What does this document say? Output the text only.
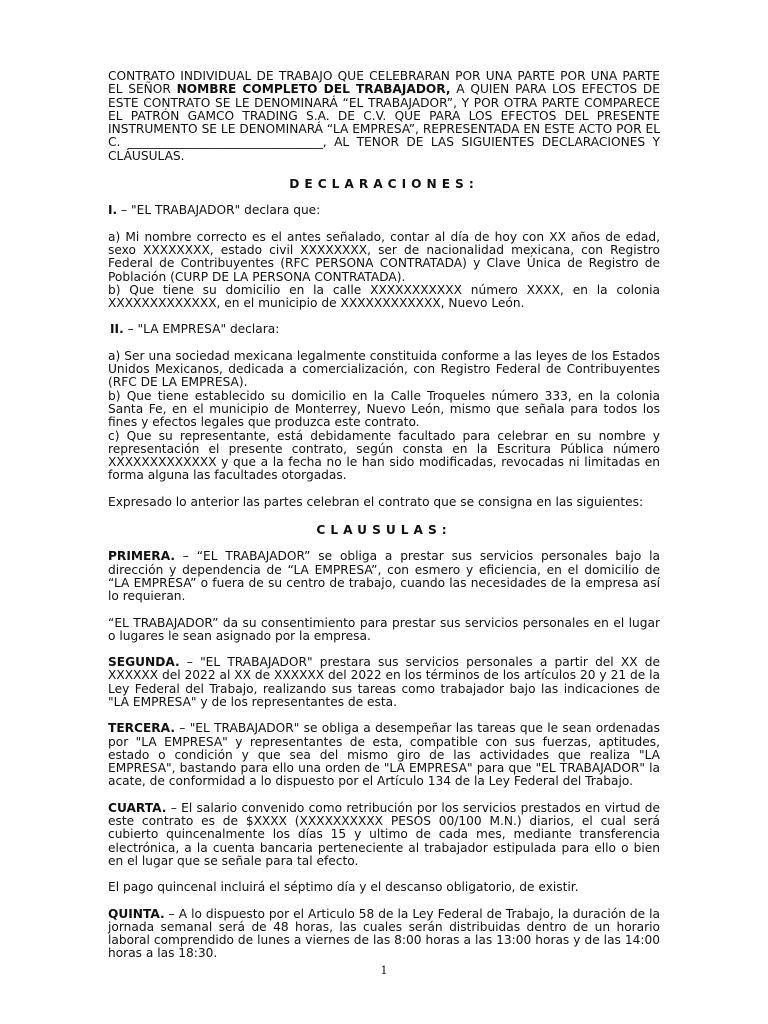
CONTRATO INDIVIDUAL DE TRABAJO QUE CELEBRARAN POR UNA PARTE POR UNA PARTE EL SEÑOR NOMBRE COMPLETO DEL TRABAJADOR, A QUIEN PARA LOS EFECTOS DE ESTE CONTRATO SE LE DENOMINARÁ “EL TRABAJADOR”, Y POR OTRA PARTE COMPARECE EL PATRÓN GAMCO TRADING S.A. DE C.V. QUE PARA LOS EFECTOS DEL PRESENTE INSTRUMENTO SE LE DENOMINARÁ “LA EMPRESA”, REPRESENTADA EN ESTE ACTO POR EL C. ________________________________, AL TENOR DE LAS SIGUIENTES DECLARACIONES Y CLÁUSULAS.

DECLARACIONES:

I. – "EL TRABAJADOR" declara que:

a) Mi nombre correcto es el antes señalado, contar al día de hoy con XX años de edad, sexo XXXXXXXX, estado civil XXXXXXXX, ser de nacionalidad mexicana, con Registro Federal de Contribuyentes (RFC PERSONA CONTRATADA) y Clave Única de Registro de Población (CURP DE LA PERSONA CONTRATADA).

b) Que tiene su domicilio en la calle XXXXXXXXXXX número XXXX, en la colonia XXXXXXXXXXXXX, en el municipio de XXXXXXXXXXXX, Nuevo León.

II. – "LA EMPRESA" declara:

a) Ser una sociedad mexicana legalmente constituida conforme a las leyes de los Estados Unidos Mexicanos, dedicada a comercialización, con Registro Federal de Contribuyentes (RFC DE LA EMPRESA).

b) Que tiene establecido su domicilio en la Calle Troqueles número 333, en la colonia Santa Fe, en el municipio de Monterrey, Nuevo León, mismo que señala para todos los fines y efectos legales que produzca este contrato.

c) Que su representante, está debidamente facultado para celebrar en su nombre y representación el presente contrato, según consta en la Escritura Pública número XXXXXXXXXXXXX y que a la fecha no le han sido modificadas, revocadas ni limitadas en forma alguna las facultades otorgadas.

Expresado lo anterior las partes celebran el contrato que se consigna en las siguientes:

CLAUSULAS:

PRIMERA. – “EL TRABAJADOR” se obliga a prestar sus servicios personales bajo la dirección y dependencia de “LA EMPRESA”, con esmero y eficiencia, en el domicilio de “LA EMPRESA” o fuera de su centro de trabajo, cuando las necesidades de la empresa así lo requieran.

“EL TRABAJADOR” da su consentimiento para prestar sus servicios personales en el lugar o lugares le sean asignado por la empresa.

SEGUNDA. – "EL TRABAJADOR" prestara sus servicios personales a partir del XX de XXXXXX del 2022 al XX de XXXXXX del 2022 en los términos de los artículos 20 y 21 de la Ley Federal del Trabajo, realizando sus tareas como trabajador bajo las indicaciones de "LA EMPRESA" y de los representantes de esta.

TERCERA. – "EL TRABAJADOR" se obliga a desempeñar las tareas que le sean ordenadas por "LA EMPRESA" y representantes de esta, compatible con sus fuerzas, aptitudes, estado o condición y que sea del mismo giro de las actividades que realiza "LA EMPRESA", bastando para ello una orden de "LA EMPRESA" para que "EL TRABAJADOR" la acate, de conformidad a lo dispuesto por el Artículo 134 de la Ley Federal del Trabajo.

CUARTA. – El salario convenido como retribución por los servicios prestados en virtud de este contrato es de $XXXX (XXXXXXXXXX PESOS 00/100 M.N.) diarios, el cual será cubierto quincenalmente los días 15 y ultimo de cada mes, mediante transferencia electrónica, a la cuenta bancaria perteneciente al trabajador estipulada para ello o bien en el lugar que se señale para tal efecto.

El pago quincenal incluirá el séptimo día y el descanso obligatorio, de existir.

QUINTA. – A lo dispuesto por el Articulo 58 de la Ley Federal de Trabajo, la duración de la jornada semanal será de 48 horas, las cuales serán distribuidas dentro de un horario laboral comprendido de lunes a viernes de las 8:00 horas a las 13:00 horas y de las 14:00 horas a las 18:30.

1
